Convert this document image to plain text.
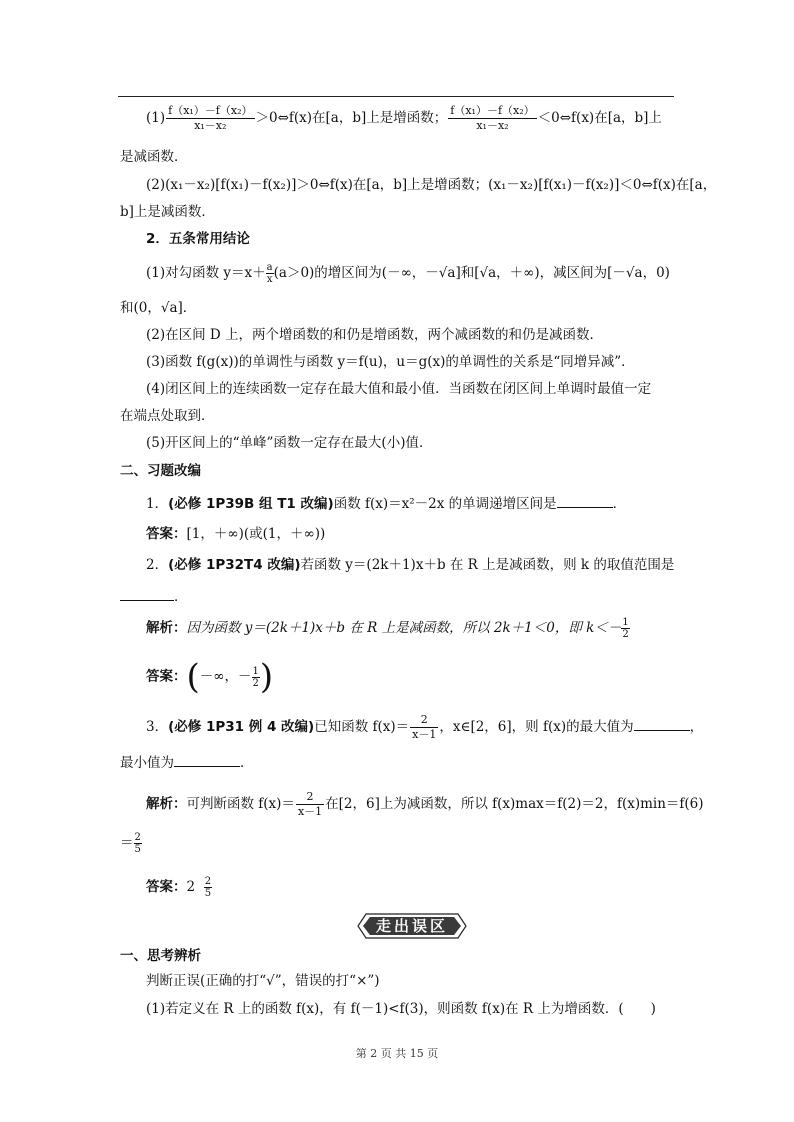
$(1) \frac{\text{f（x₁）－f（x₂）}}{\text{x₁－x₂}}$ ＞0⇔f(x)在[a，b]上是增函数； $\frac{\text{f（x₁）－f（x₂）}}{\text{x₁－x₂}}$ ＜0⇔f(x)在[a，b]上
是减函数．
(2)(x₁－x₂)[f(x₁)－f(x₂)]＞0⇔f(x)在[a，b]上是增函数；(x₁－x₂)[f(x₁)－f(x₂)]＜0⇔f(x)在[a，
b]上是减函数．
2．五条常用结论
(1)对勾函数 $y=x+ \frac{a}{x} (a>0)$的增区间为(－∞，－√a]和[√a，＋∞)，减区间为[－√a，0)
和(0，√a]．
(2)在区间 D 上，两个增函数的和仍是增函数，两个减函数的和仍是减函数．
(3)函数 f(g(x))的单调性与函数 y＝f(u)，u＝g(x)的单调性的关系是“同增异减”．
(4)闭区间上的连续函数一定存在最大值和最小值．当函数在闭区间上单调时最值一定
在端点处取到．
(5)开区间上的“单峰”函数一定存在最大(小)值．
二、习题改编
1．(必修 1P39B 组 T1 改编)函数 f(x)＝x²－2x 的单调递增区间是	．
答案：[1，＋∞)(或(1，＋∞))
2．(必修 1P32T4 改编)若函数 y＝(2k＋1)x＋b 在 R 上是减函数，则 k 的取值范围是
．
解析：因为函数 y＝(2k＋1)x＋b 在 R 上是减函数，所以 2k＋1＜0，即 $k<- \frac{1}{2}$
答案：(－∞，－ $\frac{1}{2}$ )
3．(必修 1P31 例 4 改编)已知函数 $f(x)= \frac{2}{x-1}$ ，x∈[2，6]，则 f(x)的最大值为	，
最小值为	．
解析：可判断函数 $f(x)= \frac{2}{x-1}$ 在[2，6]上为减函数，所以 f(x)max＝f(2)＝2，f(x)min＝f(6)
＝ $\frac{2}{5}$
答案：$2 \frac{2}{5}$
走出误区
一、思考辨析
判断正误(正确的打“√”，错误的打“×”)
(1)若定义在 R 上的函数 f(x)，有 f(－1)<f(3)，则函数 f(x)在 R 上为增函数．(　　)
第 2 页 共 15 页
